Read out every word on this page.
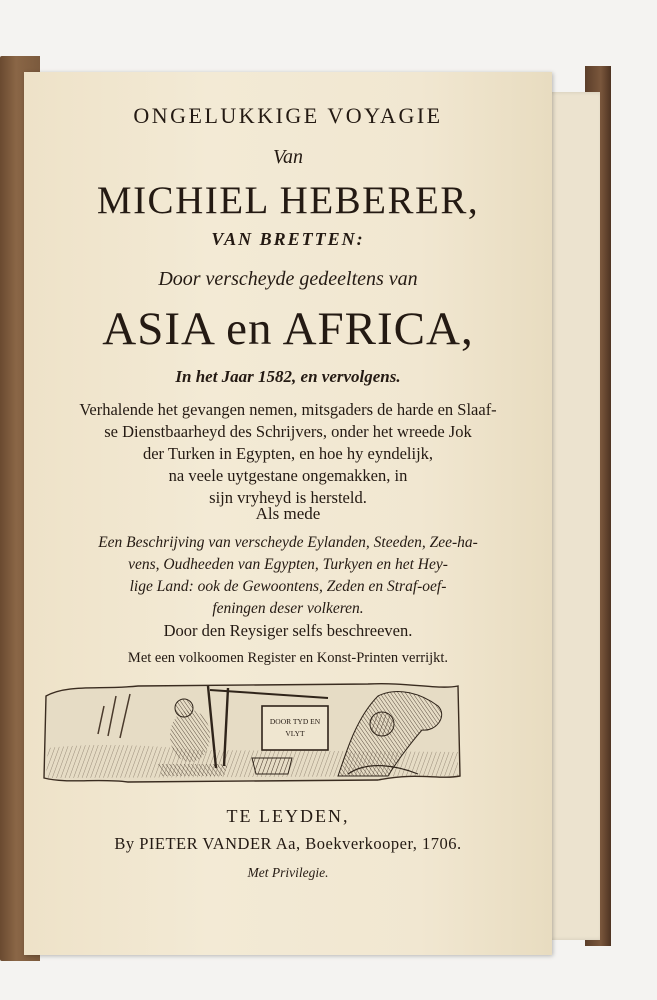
ONGELUKKIGE VOYAGIE
Van
MICHIEL HEBERER,
VAN BRETTEN:
Door verscheyde gedeeltens van
ASIA en AFRICA,
In het Jaar 1582, en vervolgens.
Verhalende het gevangen nemen, mitsgaders de harde en Slaaf-
se Dienstbaarheyd des Schrijvers, onder het wreede Jok
der Turken in Egypten, en hoe hy eyndelijk,
na veele uytgestane ongemakken, in
sijn vryheyd is hersteld.
Als mede
Een Beschrijving van verscheyde Eylanden, Steeden, Zee-ha-
vens, Oudheeden van Egypten, Turkyen en het Hey-
lige Land: ook de Gewoontens, Zeden en Straf-oef-
feningen deser volkeren.
Door den Reysiger selfs beschreeven.
Met een volkoomen Register en Konst-Printen verrijkt.
DOOR TYD EN
VLYT
TE LEYDEN,
By PIETER VANDER Aa, Boekverkooper, 1706.
Met Privilegie.
